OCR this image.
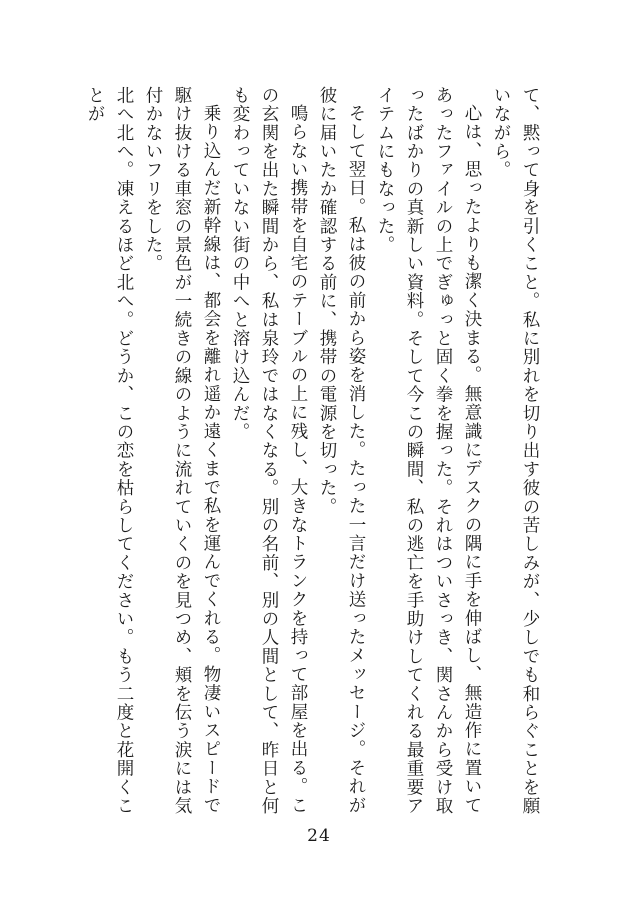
て、黙って身を引くこと。私に別れを切り出す彼の苦しみが、少しでも和らぐことを願いながら。

心は、思ったよりも潔く決まる。無意識にデスクの隅に手を伸ばし、無造作に置いてあったファイルの上でぎゅっと固く拳を握った。それはついさっき、関さんから受け取ったばかりの真新しい資料。そして今この瞬間、私の逃亡を手助けしてくれる最重要アイテムにもなった。

そして翌日。私は彼の前から姿を消した。たった一言だけ送ったメッセージ。それが彼に届いたか確認する前に、携帯の電源を切った。

鳴らない携帯を自宅のテーブルの上に残し、大きなトランクを持って部屋を出る。この玄関を出た瞬間から、私は泉玲ではなくなる。別の名前、別の人間として、昨日と何も変わっていない街の中へと溶け込んだ。

乗り込んだ新幹線は、都会を離れ遥か遠くまで私を運んでくれる。物凄いスピードで駆け抜ける車窓の景色が一続きの線のように流れていくのを見つめ、頬を伝う涙には気付かないフリをした。

北へ北へ。凍えるほど北へ。どうか、この恋を枯らしてください。もう二度と花開くことが

24
